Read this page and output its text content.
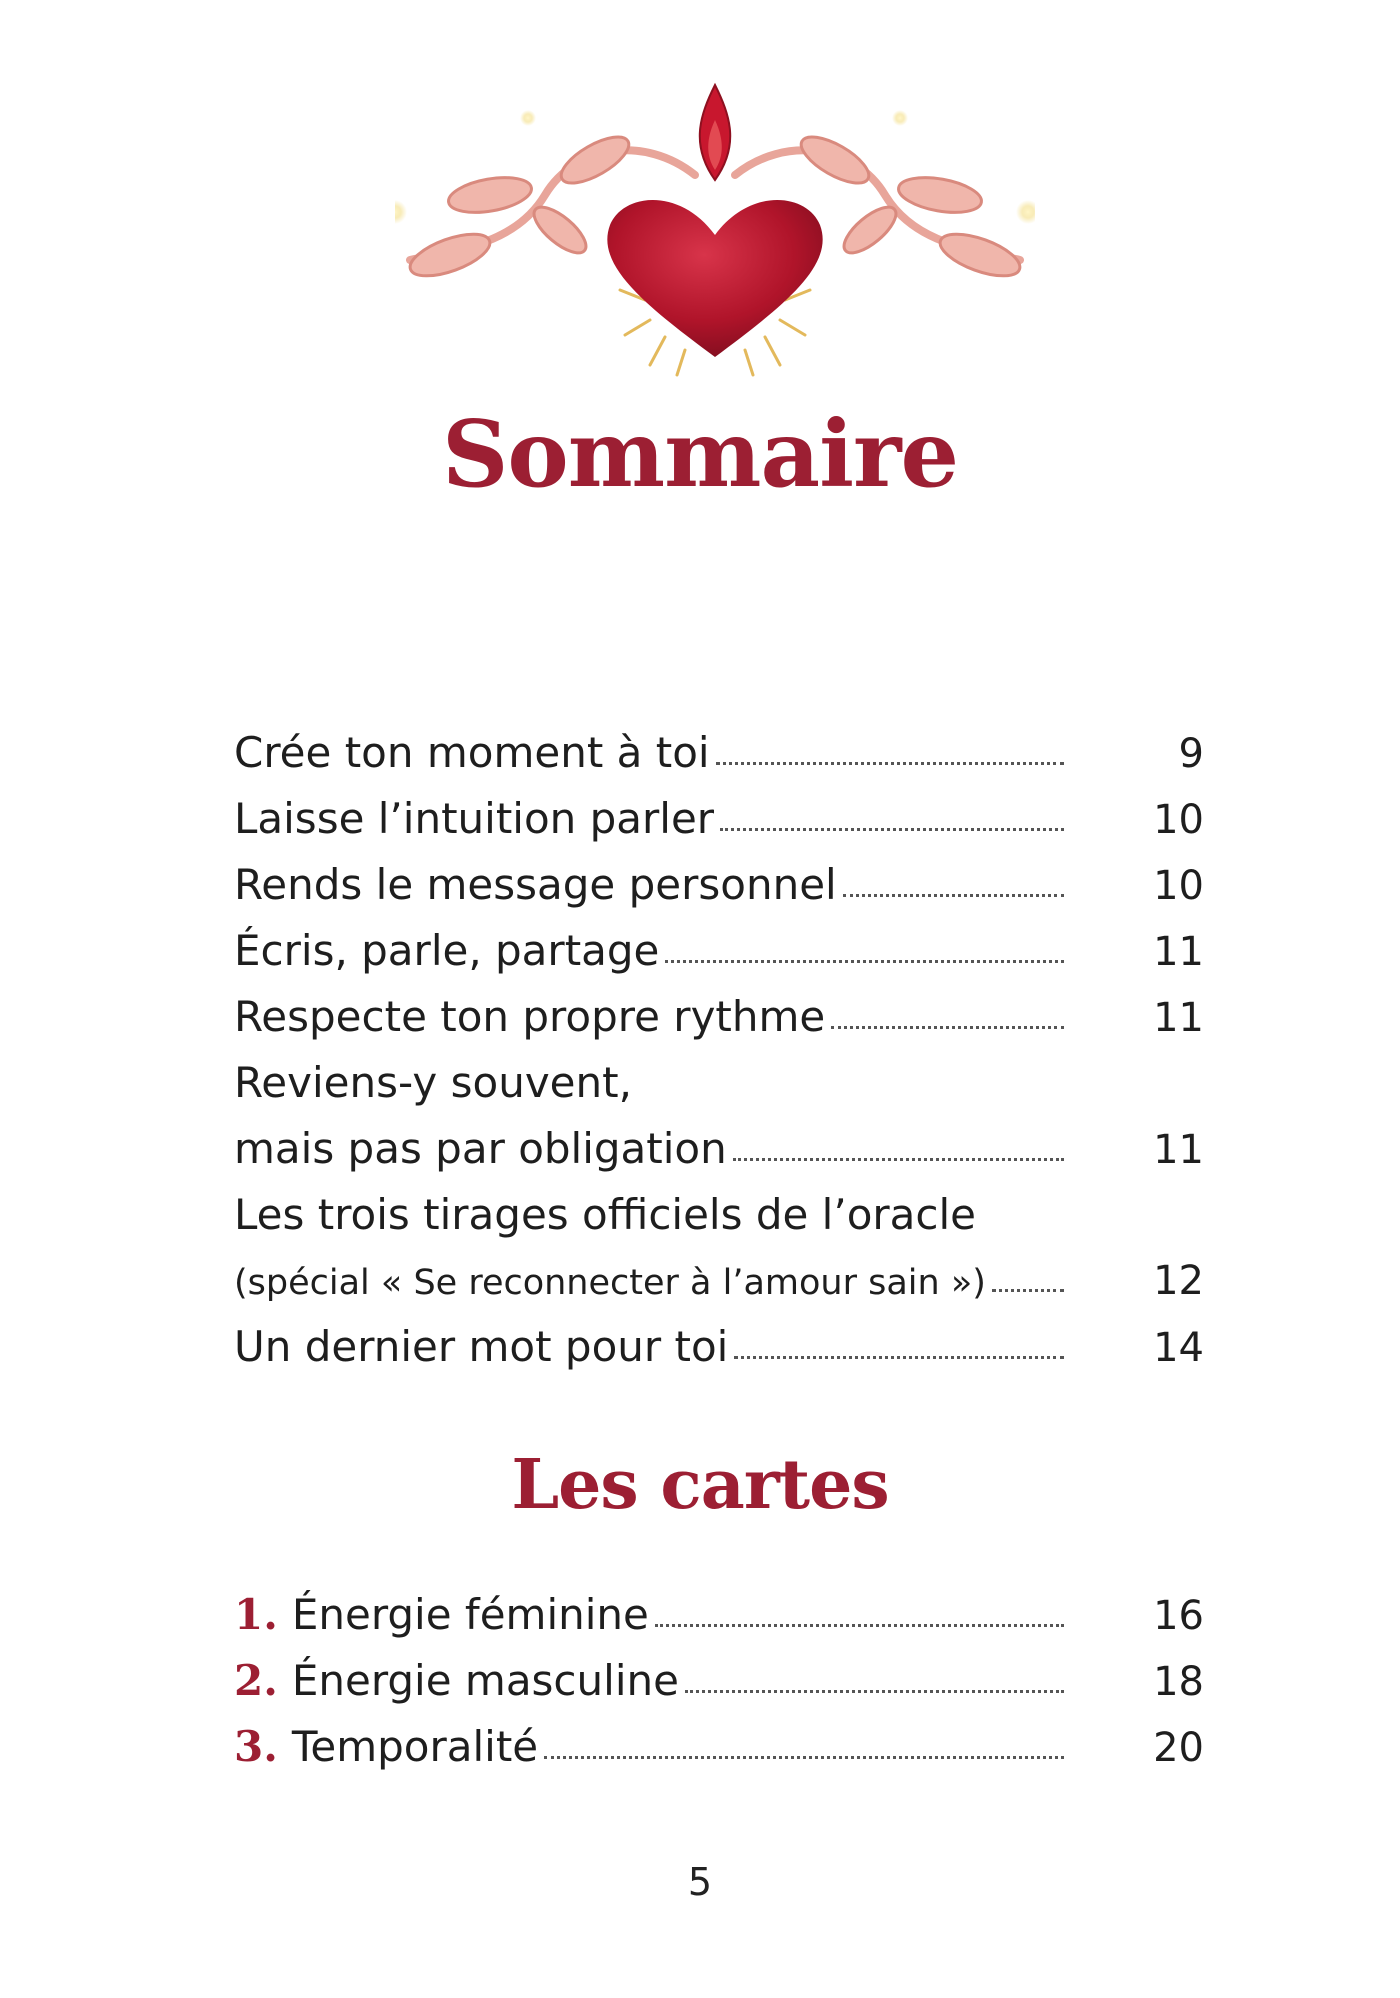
Sommaire
Crée ton moment à toi	9
Laisse l’intuition parler	10
Rends le message personnel	10
Écris, parle, partage	11
Respecte ton propre rythme	11
Reviens-y souvent,
mais pas par obligation	11
Les trois tirages officiels de l’oracle
(spécial « Se reconnecter à l’amour sain »)	12
Un dernier mot pour toi	14
Les cartes
1. Énergie féminine	16
2. Énergie masculine	18
3. Temporalité	20
5
